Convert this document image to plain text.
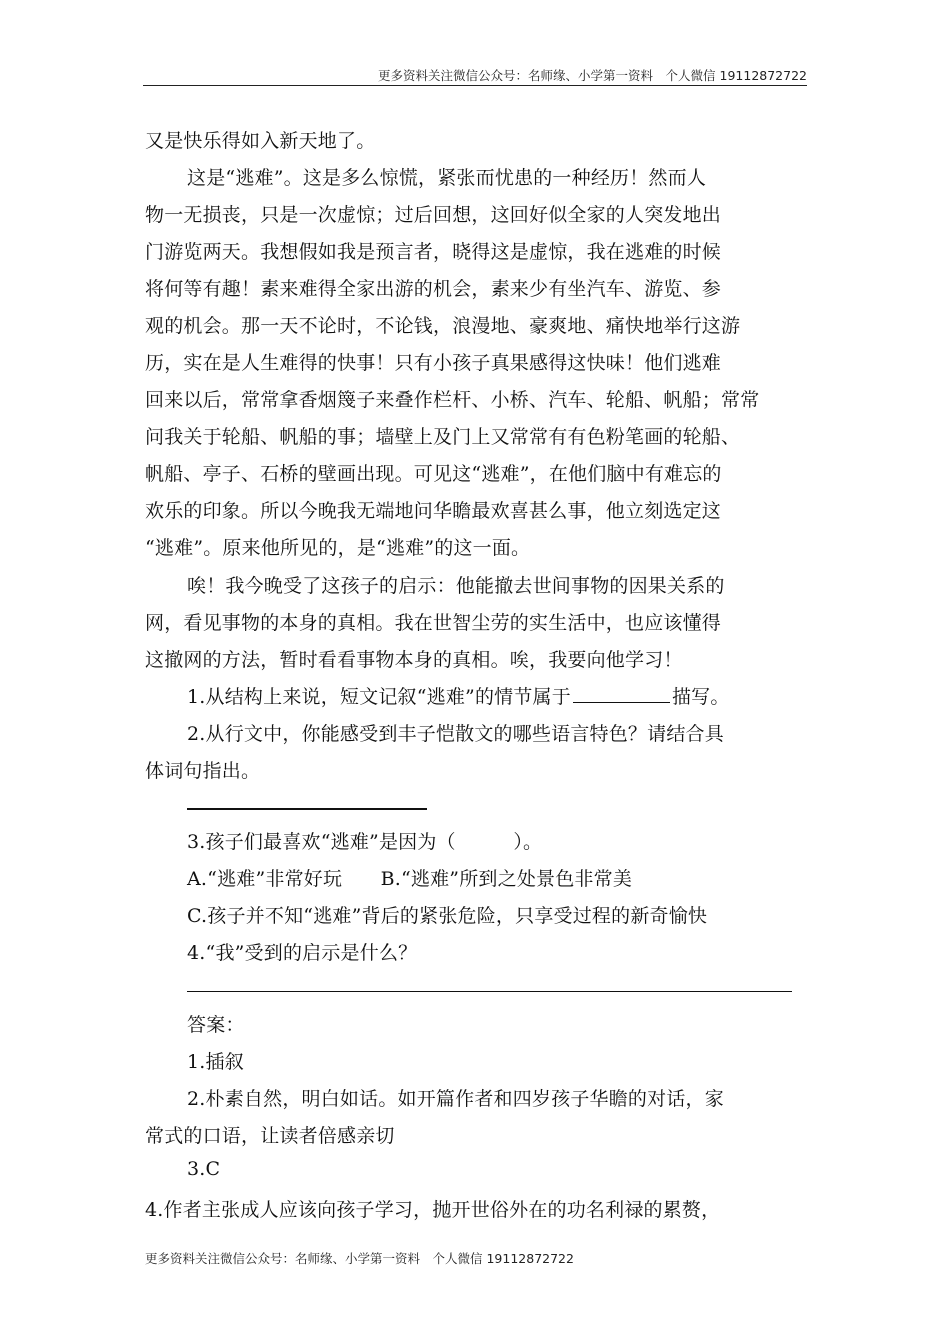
更多资料关注微信公众号：名师缘、小学第一资料　个人微信 19112872722
又是快乐得如入新天地了。
这是“逃难”。这是多么惊慌，紧张而忧患的一种经历！然而人
物一无损丧，只是一次虚惊；过后回想，这回好似全家的人突发地出
门游览两天。我想假如我是预言者，晓得这是虚惊，我在逃难的时候
将何等有趣！素来难得全家出游的机会，素来少有坐汽车、游览、参
观的机会。那一天不论时，不论钱，浪漫地、豪爽地、痛快地举行这游
历，实在是人生难得的快事！只有小孩子真果感得这快味！他们逃难
回来以后，常常拿香烟篾子来叠作栏杆、小桥、汽车、轮船、帆船；常常
问我关于轮船、帆船的事；墙壁上及门上又常常有有色粉笔画的轮船、
帆船、亭子、石桥的壁画出现。可见这“逃难”，在他们脑中有难忘的
欢乐的印象。所以今晚我无端地问华瞻最欢喜甚么事，他立刻选定这
“逃难”。原来他所见的，是“逃难”的这一面。
唉！我今晚受了这孩子的启示：他能撤去世间事物的因果关系的
网，看见事物的本身的真相。我在世智尘劳的实生活中，也应该懂得
这撤网的方法，暂时看看事物本身的真相。唉，我要向他学习！
1.从结构上来说，短文记叙“逃难”的情节属于	描写。
2.从行文中，你能感受到丰子恺散文的哪些语言特色？请结合具
体词句指出。
3.孩子们最喜欢“逃难”是因为（　　　）。
A.“逃难”非常好玩　　B.“逃难”所到之处景色非常美
C.孩子并不知“逃难”背后的紧张危险，只享受过程的新奇愉快
4.“我”受到的启示是什么？
答案：
1.插叙
2.朴素自然，明白如话。如开篇作者和四岁孩子华瞻的对话，家
常式的口语，让读者倍感亲切
3.C
4.作者主张成人应该向孩子学习，抛开世俗外在的功名利禄的累赘，
更多资料关注微信公众号：名师缘、小学第一资料　个人微信 19112872722
